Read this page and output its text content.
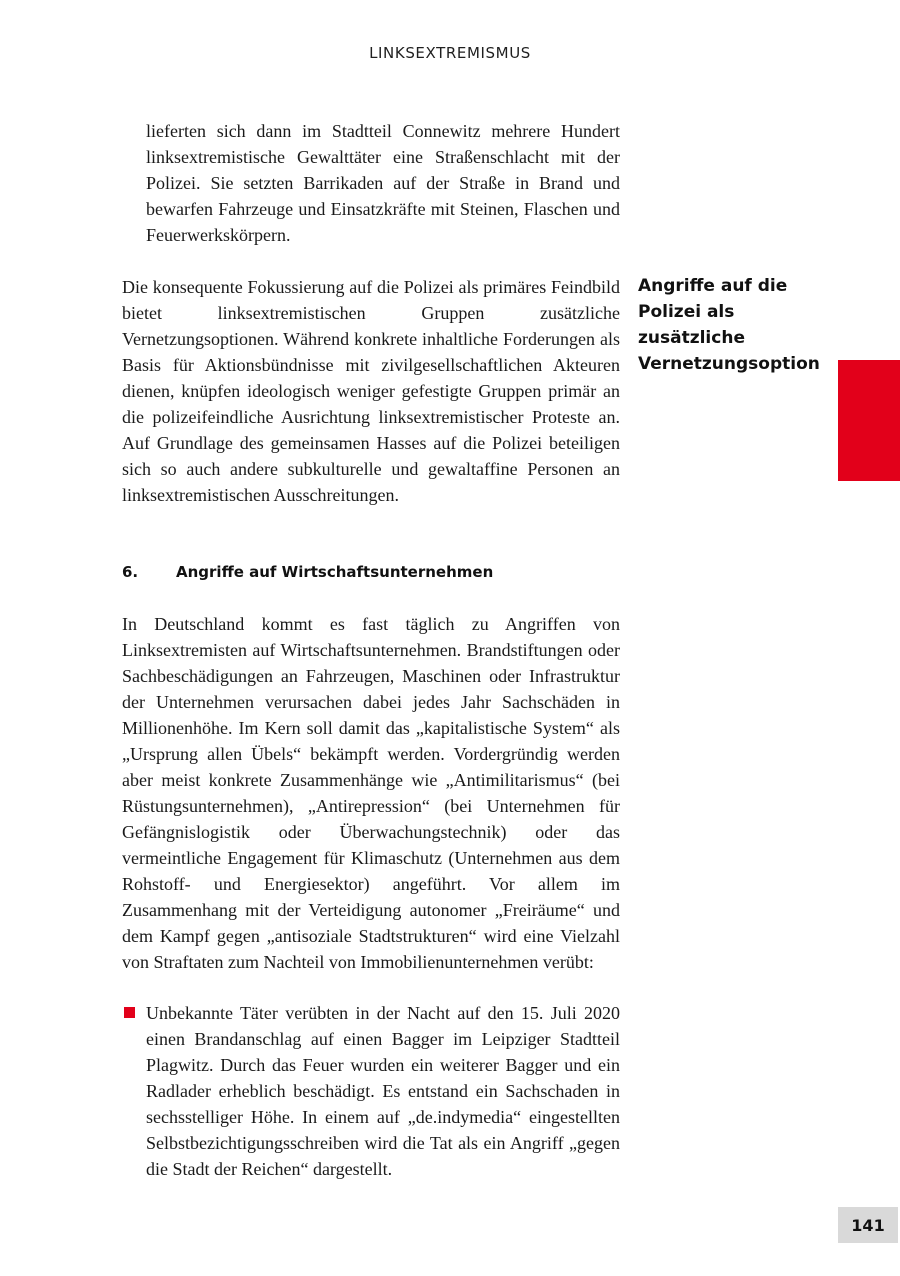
LINKSEXTREMISMUS
lieferten sich dann im Stadtteil Connewitz mehrere Hundert linksextremistische Gewalttäter eine Straßenschlacht mit der Polizei. Sie setzten Barrikaden auf der Straße in Brand und bewarfen Fahrzeuge und Einsatzkräfte mit Steinen, Flaschen und Feuerwerkskörpern.
Die konsequente Fokussierung auf die Polizei als primäres Feindbild bietet linksextremistischen Gruppen zusätzliche Vernetzungsoptionen. Während konkrete inhaltliche Forderungen als Basis für Aktionsbündnisse mit zivilgesellschaftlichen Akteuren dienen, knüpfen ideologisch weniger gefestigte Gruppen primär an die polizeifeindliche Ausrichtung linksextremistischer Proteste an. Auf Grundlage des gemeinsamen Hasses auf die Polizei beteiligen sich so auch andere subkulturelle und gewaltaffine Personen an linksextremistischen Ausschreitungen.
Angriffe auf die Polizei als zusätzliche Vernetzungsoption
6.	Angriffe auf Wirtschaftsunternehmen
In Deutschland kommt es fast täglich zu Angriffen von Linksextremisten auf Wirtschaftsunternehmen. Brandstiftungen oder Sachbeschädigungen an Fahrzeugen, Maschinen oder Infrastruktur der Unternehmen verursachen dabei jedes Jahr Sachschäden in Millionenhöhe. Im Kern soll damit das „kapitalistische System“ als „Ursprung allen Übels“ bekämpft werden. Vordergründig werden aber meist konkrete Zusammenhänge wie „Antimilitarismus“ (bei Rüstungsunternehmen), „Antirepression“ (bei Unternehmen für Gefängnislogistik oder Überwachungstechnik) oder das vermeintliche Engagement für Klimaschutz (Unternehmen aus dem Rohstoff- und Energiesektor) angeführt. Vor allem im Zusammenhang mit der Verteidigung autonomer „Freiräume“ und dem Kampf gegen „antisoziale Stadtstrukturen“ wird eine Vielzahl von Straftaten zum Nachteil von Immobilienunternehmen verübt:
Unbekannte Täter verübten in der Nacht auf den 15. Juli 2020 einen Brandanschlag auf einen Bagger im Leipziger Stadtteil Plagwitz. Durch das Feuer wurden ein weiterer Bagger und ein Radlader erheblich beschädigt. Es entstand ein Sachschaden in sechsstelliger Höhe. In einem auf „de.indymedia“ eingestellten Selbstbezichtigungsschreiben wird die Tat als ein Angriff „gegen die Stadt der Reichen“ dargestellt.
141
